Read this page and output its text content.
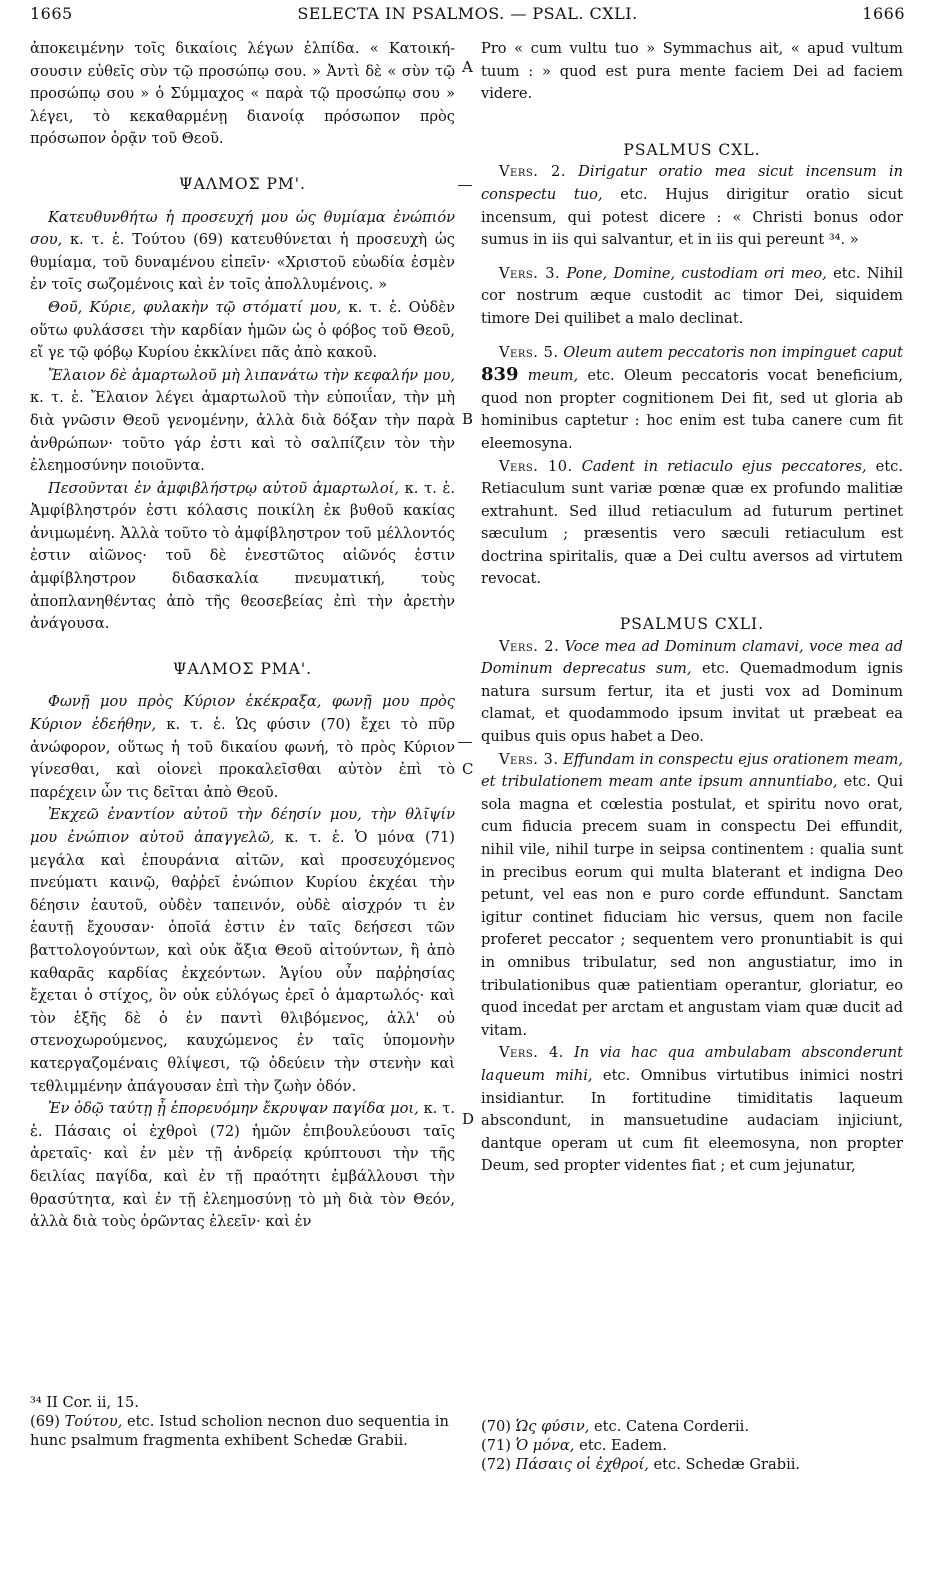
1665	SELECTA IN PSALMOS. — PSAL. CXLI.	1666
A
B
C
D

ἀποκειμένην τοῖς δικαίοις λέγων ἐλπίδα. « Κατοική-σουσιν εὐθεῖς σὺν τῷ προσώπῳ σου. » Ἀντὶ δὲ « σὺν τῷ προσώπῳ σου » ὁ Σύμμαχος « παρὰ τῷ προσώπῳ σου » λέγει, τὸ κεκαθαρμένῃ διανοίᾳ πρόσωπον πρὸς πρόσωπον ὁρᾷν τοῦ Θεοῦ.

ΨΑΛΜΟΣ ΡΜ'.

Κατευθυνθήτω ἡ προσευχή μου ὡς θυμίαμα ἐνώπιόν σου, κ. τ. ἑ. Τούτου (69) κατευθύνεται ἡ προσευχὴ ὡς θυμίαμα, τοῦ δυναμένου εἰπεῖν· «Χριστοῦ εὐωδία ἐσμὲν ἐν τοῖς σωζομένοις καὶ ἐν τοῖς ἀπολλυμένοις. »

Θοῦ, Κύριε, φυλακὴν τῷ στόματί μου, κ. τ. ἑ. Οὐδὲν οὕτω φυλάσσει τὴν καρδίαν ἡμῶν ὡς ὁ φόβος τοῦ Θεοῦ, εἴ γε τῷ φόβῳ Κυρίου ἐκκλίνει πᾶς ἀπὸ κακοῦ.

Ἔλαιον δὲ ἁμαρτωλοῦ μὴ λιπανάτω τὴν κεφαλήν μου, κ. τ. ἑ. Ἔλαιον λέγει ἁμαρτωλοῦ τὴν εὐποιΐαν, τὴν μὴ διὰ γνῶσιν Θεοῦ γενομένην, ἀλλὰ διὰ δόξαν τὴν παρὰ ἀνθρώπων· τοῦτο γάρ ἐστι καὶ τὸ σαλπίζειν τὸν τὴν ἐλεημοσύνην ποιοῦντα.

Πεσοῦνται ἐν ἀμφιβλήστρῳ αὐτοῦ ἁμαρτωλοί, κ. τ. ἑ. Ἀμφίβληστρόν ἐστι κόλασις ποικίλη ἐκ βυθοῦ κακίας ἀνιμωμένη. Ἀλλὰ τοῦτο τὸ ἀμφίβληστρον τοῦ μέλλοντός ἐστιν αἰῶνος· τοῦ δὲ ἐνεστῶτος αἰῶνός ἐστιν ἀμφίβληστρον διδασκαλία πνευματική, τοὺς ἀποπλανηθέντας ἀπὸ τῆς θεοσεβείας ἐπὶ τὴν ἀρετὴν ἀνάγουσα.

ΨΑΛΜΟΣ ΡΜΑ'.

Φωνῇ μου πρὸς Κύριον ἐκέκραξα, φωνῇ μου πρὸς Κύριον ἐδεήθην, κ. τ. ἑ. Ὡς φύσιν (70) ἔχει τὸ πῦρ ἀνώφορον, οὕτως ἡ τοῦ δικαίου φωνή, τὸ πρὸς Κύριον γίνεσθαι, καὶ οἱονεὶ προκαλεῖσθαι αὐτὸν ἐπὶ τὸ παρέχειν ὧν τις δεῖται ἀπὸ Θεοῦ.

Ἐκχεῶ ἐναντίον αὐτοῦ τὴν δέησίν μου, τὴν θλῖψίν μου ἐνώπιον αὐτοῦ ἀπαγγελῶ, κ. τ. ἑ. Ὁ μόνα (71) μεγάλα καὶ ἐπουράνια αἰτῶν, καὶ προσευχόμενος πνεύματι καινῷ, θαῤῥεῖ ἐνώπιον Κυρίου ἐκχέαι τὴν δέησιν ἑαυτοῦ, οὐδὲν ταπεινόν, οὐδὲ αἰσχρόν τι ἐν ἑαυτῇ ἔχουσαν· ὁποῖά ἐστιν ἐν ταῖς δεήσεσι τῶν βαττολογούντων, καὶ οὐκ ἄξια Θεοῦ αἰτούντων, ἢ ἀπὸ καθαρᾶς καρδίας ἐκχεόντων. Ἁγίου οὖν παῤῥησίας ἔχεται ὁ στίχος, ὃν οὐκ εὐλόγως ἐρεῖ ὁ ἁμαρτωλός· καὶ τὸν ἑξῆς δὲ ὁ ἐν παντὶ θλιβόμενος, ἀλλ' οὐ στενοχωρούμενος, καυχώμενος ἐν ταῖς ὑπομονὴν κατεργαζομέναις θλίψεσι, τῷ ὁδεύειν τὴν στενὴν καὶ τεθλιμμένην ἀπάγουσαν ἐπὶ τὴν ζωὴν ὁδόν.

Ἐν ὁδῷ ταύτῃ ᾗ ἐπορευόμην ἔκρυψαν παγίδα μοι, κ. τ. ἑ. Πάσαις οἱ ἐχθροὶ (72) ἡμῶν ἐπιβουλεύουσι ταῖς ἀρεταῖς· καὶ ἐν μὲν τῇ ἀνδρείᾳ κρύπτουσι τὴν τῆς δειλίας παγίδα, καὶ ἐν τῇ πραότητι ἐμβάλλουσι τὴν θρασύτητα, καὶ ἐν τῇ ἐλεημοσύνῃ τὸ μὴ διὰ τὸν Θεόν, ἀλλὰ διὰ τοὺς ὁρῶντας ἐλεεῖν· καὶ ἐν

Pro « cum vultu tuo » Symmachus ait, « apud vultum tuum : » quod est pura mente faciem Dei ad faciem videre.

PSALMUS CXL.

Vers. 2. Dirigatur oratio mea sicut incensum in conspectu tuo, etc. Hujus dirigitur oratio sicut incensum, qui potest dicere : « Christi bonus odor sumus in iis qui salvantur, et in iis qui pereunt ³⁴. »

Vers. 3. Pone, Domine, custodiam ori meo, etc. Nihil cor nostrum æque custodit ac timor Dei, siquidem timore Dei quilibet a malo declinat.

Vers. 5. Oleum autem peccatoris non impinguet caput 839 meum, etc. Oleum peccatoris vocat beneficium, quod non propter cognitionem Dei fit, sed ut gloria ab hominibus captetur : hoc enim est tuba canere cum fit eleemosyna.

Vers. 10. Cadent in retiaculo ejus peccatores, etc. Retiaculum sunt variæ pœnæ quæ ex profundo malitiæ extrahunt. Sed illud retiaculum ad futurum pertinet sæculum ; præsentis vero sæculi retiaculum est doctrina spiritalis, quæ a Dei cultu aversos ad virtutem revocat.

PSALMUS CXLI.

Vers. 2. Voce mea ad Dominum clamavi, voce mea ad Dominum deprecatus sum, etc. Quemadmodum ignis natura sursum fertur, ita et justi vox ad Dominum clamat, et quodammodo ipsum invitat ut præbeat ea quibus quis opus habet a Deo.

Vers. 3. Effundam in conspectu ejus orationem meam, et tribulationem meam ante ipsum annuntiabo, etc. Qui sola magna et cœlestia postulat, et spiritu novo orat, cum fiducia precem suam in conspectu Dei effundit, nihil vile, nihil turpe in seipsa continentem : qualia sunt in precibus eorum qui multa blaterant et indigna Deo petunt, vel eas non e puro corde effundunt. Sanctam igitur continet fiduciam hic versus, quem non facile proferet peccator ; sequentem vero pronuntiabit is qui in omnibus tribulatur, sed non angustiatur, imo in tribulationibus quæ patientiam operantur, gloriatur, eo quod incedat per arctam et angustam viam quæ ducit ad vitam.

Vers. 4. In via hac qua ambulabam absconderunt laqueum mihi, etc. Omnibus virtutibus inimici nostri insidiantur. In fortitudine timiditatis laqueum abscondunt, in mansuetudine audaciam injiciunt, dantque operam ut cum fit eleemosyna, non propter Deum, sed propter videntes fiat ; et cum jejunatur,

³⁴ II Cor. ii, 15.

(69) Τούτου, etc. Istud scholion necnon duo sequentia in hunc psalmum fragmenta exhibent Schedæ Grabii.

(70) Ὡς φύσιν, etc. Catena Corderii.

(71) Ὁ μόνα, etc. Eadem.

(72) Πάσαις οἱ ἐχθροί, etc. Schedæ Grabii.
